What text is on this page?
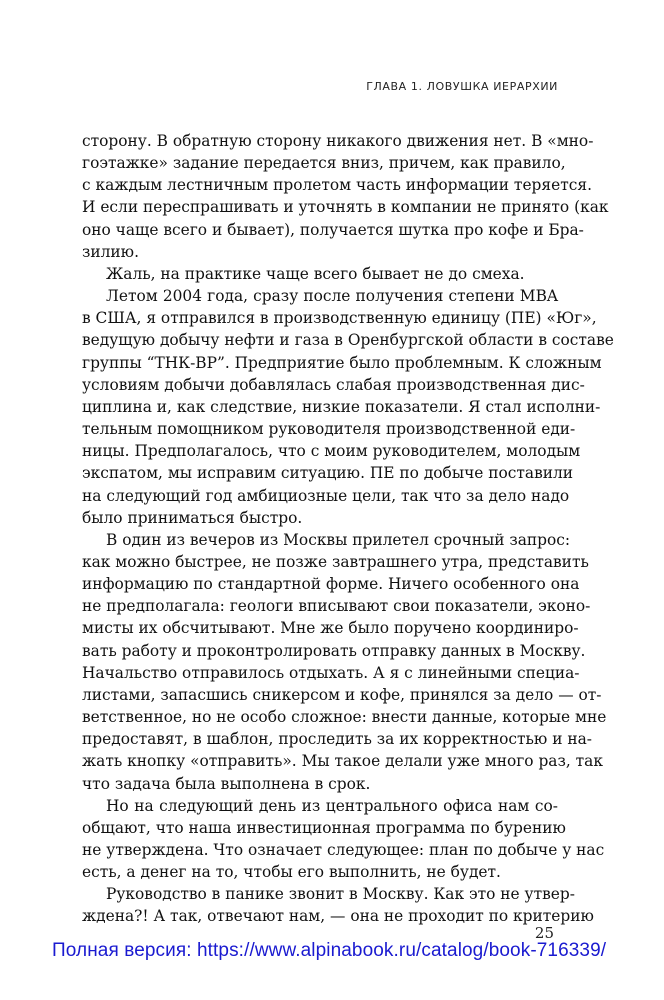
ГЛАВА 1. ЛОВУШКА ИЕРАРХИИ
сторону. В обратную сторону никакого движения нет. В «мно-
гоэтажке» задание передается вниз, причем, как правило,
с каждым лестничным пролетом часть информации теряется.
И если переспрашивать и уточнять в компании не принято (как
оно чаще всего и бывает), получается шутка про кофе и Бра-
зилию.
Жаль, на практике чаще всего бывает не до смеха.
Летом 2004 года, сразу после получения степени MBA
в США, я отправился в производственную единицу (ПЕ) «Юг»,
ведущую добычу нефти и газа в Оренбургской области в составе
группы “ТНК-ВР”. Предприятие было проблемным. К сложным
условиям добычи добавлялась слабая производственная дис-
циплина и, как следствие, низкие показатели. Я стал исполни-
тельным помощником руководителя производственной еди-
ницы. Предполагалось, что с моим руководителем, молодым
экспатом, мы исправим ситуацию. ПЕ по добыче поставили
на следующий год амбициозные цели, так что за дело надо
было приниматься быстро.
В один из вечеров из Москвы прилетел срочный запрос:
как можно быстрее, не позже завтрашнего утра, представить
информацию по стандартной форме. Ничего особенного она
не предполагала: геологи вписывают свои показатели, эконо-
мисты их обсчитывают. Мне же было поручено координиро-
вать работу и проконтролировать отправку данных в Москву.
Начальство отправилось отдыхать. А я с линейными специа-
листами, запасшись сникерсом и кофе, принялся за дело — от-
ветственное, но не особо сложное: внести данные, которые мне
предоставят, в шаблон, проследить за их корректностью и на-
жать кнопку «отправить». Мы такое делали уже много раз, так
что задача была выполнена в срок.
Но на следующий день из центрального офиса нам со-
общают, что наша инвестиционная программа по бурению
не утверждена. Что означает следующее: план по добыче у нас
есть, а денег на то, чтобы его выполнить, не будет.
Руководство в панике звонит в Москву. Как это не утвер-
ждена?! А так, отвечают нам, — она не проходит по критерию
25
Полная версия: https://www.alpinabook.ru/catalog/book-716339/
